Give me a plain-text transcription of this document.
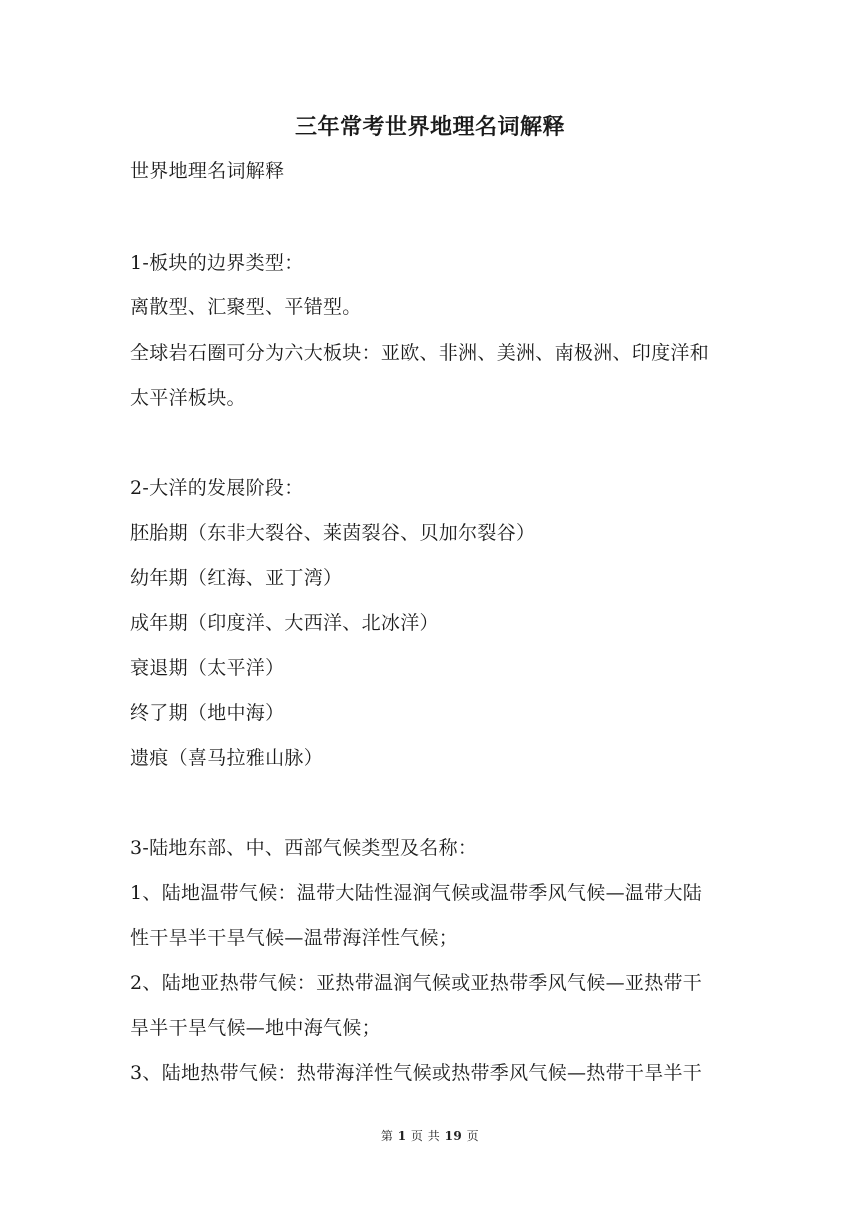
三年常考世界地理名词解释
世界地理名词解释
1-板块的边界类型：
离散型、汇聚型、平错型。
全球岩石圈可分为六大板块：亚欧、非洲、美洲、南极洲、印度洋和
太平洋板块。
2-大洋的发展阶段：
胚胎期（东非大裂谷、莱茵裂谷、贝加尔裂谷）
幼年期（红海、亚丁湾）
成年期（印度洋、大西洋、北冰洋）
衰退期（太平洋）
终了期（地中海）
遗痕（喜马拉雅山脉）
3-陆地东部、中、西部气候类型及名称：
1、陆地温带气候：温带大陆性湿润气候或温带季风气候—温带大陆
性干旱半干旱气候—温带海洋性气候；
2、陆地亚热带气候：亚热带温润气候或亚热带季风气候—亚热带干
旱半干旱气候—地中海气候；
3、陆地热带气候：热带海洋性气候或热带季风气候—热带干旱半干
第 1 页 共 19 页
